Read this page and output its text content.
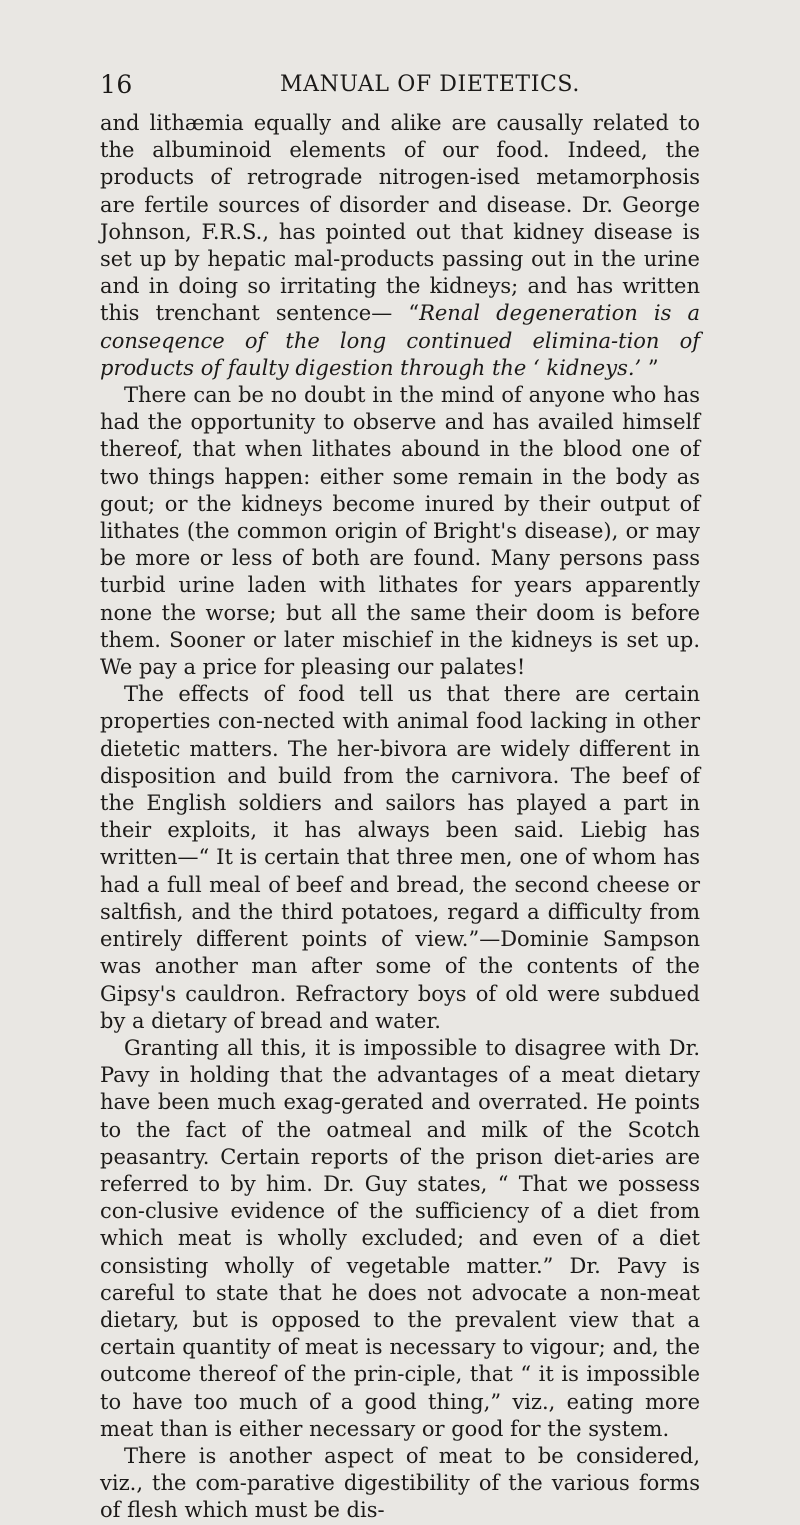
16	MANUAL OF DIETETICS.

and lithæmia equally and alike are causally related to the albuminoid elements of our food. Indeed, the products of retrograde nitrogen-ised metamorphosis are fertile sources of disorder and disease. Dr. George Johnson, F.R.S., has pointed out that kidney disease is set up by hepatic mal-products passing out in the urine and in doing so irritating the kidneys; and has written this trenchant sentence— “Renal degeneration is a conseqence of the long continued elimina-tion of products of faulty digestion through the ‘ kidneys.’ ”

There can be no doubt in the mind of anyone who has had the opportunity to observe and has availed himself thereof, that when lithates abound in the blood one of two things happen: either some remain in the body as gout; or the kidneys become inured by their output of lithates (the common origin of Bright's disease), or may be more or less of both are found. Many persons pass turbid urine laden with lithates for years apparently none the worse; but all the same their doom is before them. Sooner or later mischief in the kidneys is set up. We pay a price for pleasing our palates!

The effects of food tell us that there are certain properties con-nected with animal food lacking in other dietetic matters. The her-bivora are widely different in disposition and build from the carnivora. The beef of the English soldiers and sailors has played a part in their exploits, it has always been said. Liebig has written—“ It is certain that three men, one of whom has had a full meal of beef and bread, the second cheese or saltfish, and the third potatoes, regard a difficulty from entirely different points of view.”—Dominie Sampson was another man after some of the contents of the Gipsy's cauldron. Refractory boys of old were subdued by a dietary of bread and water.

Granting all this, it is impossible to disagree with Dr. Pavy in holding that the advantages of a meat dietary have been much exag-gerated and overrated. He points to the fact of the oatmeal and milk of the Scotch peasantry. Certain reports of the prison diet-aries are referred to by him. Dr. Guy states, “ That we possess con-clusive evidence of the sufficiency of a diet from which meat is wholly excluded; and even of a diet consisting wholly of vegetable matter.” Dr. Pavy is careful to state that he does not advocate a non-meat dietary, but is opposed to the prevalent view that a certain quantity of meat is necessary to vigour; and, the outcome thereof of the prin-ciple, that “ it is impossible to have too much of a good thing,” viz., eating more meat than is either necessary or good for the system.

There is another aspect of meat to be considered, viz., the com-parative digestibility of the various forms of flesh which must be dis-
